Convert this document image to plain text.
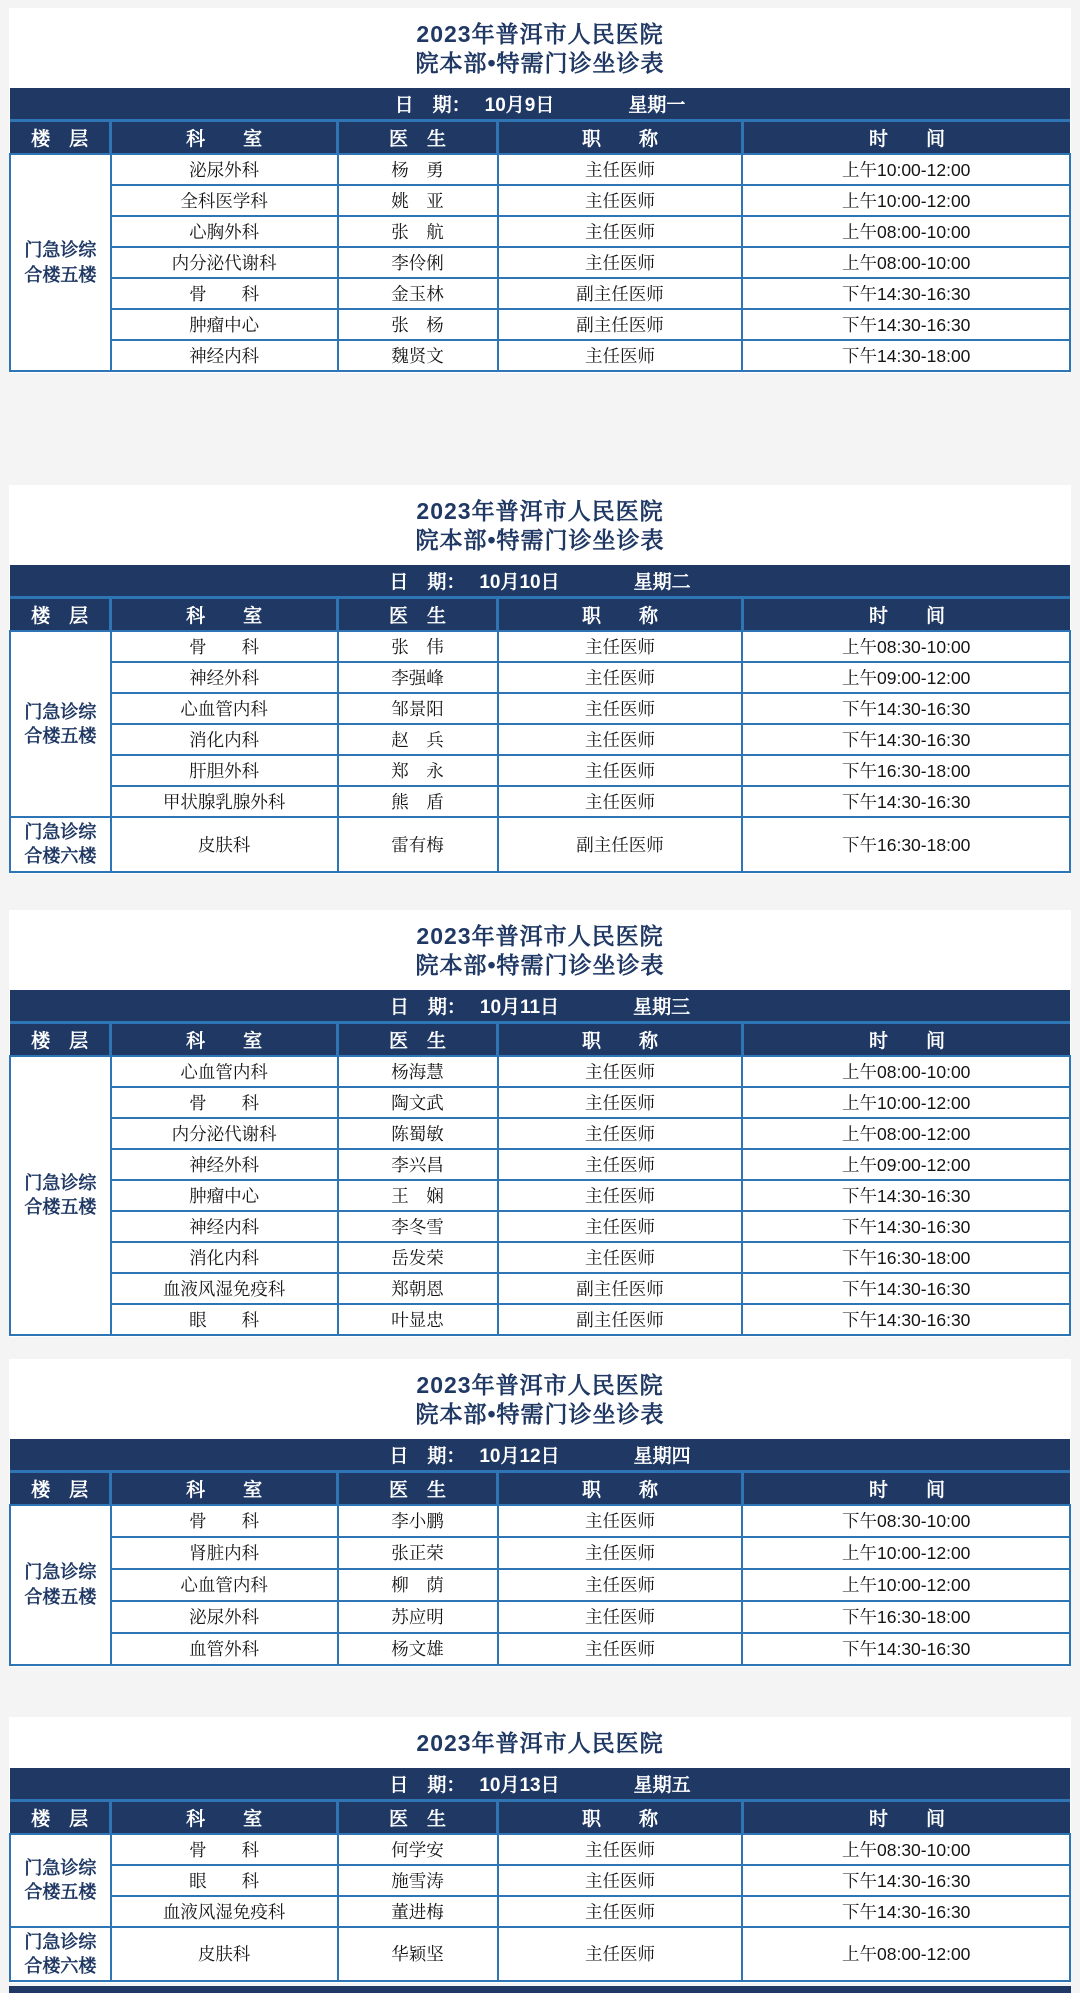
2023年普洱市人民医院
院本部•特需门诊坐诊表
日　期： 10月9日 星期一				
楼　层	科　　室	医　生	职　　称	时　　间
门急诊综合楼五楼	泌尿外科	杨　勇	主任医师	上午10:00-12:00
	全科医学科	姚　亚	主任医师	上午10:00-12:00
	心胸外科	张　航	主任医师	上午08:00-10:00
	内分泌代谢科	李伶俐	主任医师	上午08:00-10:00
	骨　　科	金玉林	副主任医师	下午14:30-16:30
	肿瘤中心	张　杨	副主任医师	下午14:30-16:30
	神经内科	魏贤文	主任医师	下午14:30-18:00
2023年普洱市人民医院
院本部•特需门诊坐诊表
日　期： 10月10日 星期二				
楼　层	科　　室	医　生	职　　称	时　　间
门急诊综合楼五楼	骨　　科	张　伟	主任医师	上午08:30-10:00
	神经外科	李强峰	主任医师	上午09:00-12:00
	心血管内科	邹景阳	主任医师	下午14:30-16:30
	消化内科	赵　兵	主任医师	下午14:30-16:30
	肝胆外科	郑　永	主任医师	下午16:30-18:00
	甲状腺乳腺外科	熊　盾	主任医师	下午14:30-16:30
门急诊综合楼六楼	皮肤科	雷有梅	副主任医师	下午16:30-18:00
2023年普洱市人民医院
院本部•特需门诊坐诊表
日　期： 10月11日 星期三				
楼　层	科　　室	医　生	职　　称	时　　间
门急诊综合楼五楼	心血管内科	杨海慧	主任医师	上午08:00-10:00
	骨　　科	陶文武	主任医师	上午10:00-12:00
	内分泌代谢科	陈蜀敏	主任医师	上午08:00-12:00
	神经外科	李兴昌	主任医师	上午09:00-12:00
	肿瘤中心	王　娴	主任医师	下午14:30-16:30
	神经内科	李冬雪	主任医师	下午14:30-16:30
	消化内科	岳发荣	主任医师	下午16:30-18:00
	血液风湿免疫科	郑朝恩	副主任医师	下午14:30-16:30
	眼　　科	叶显忠	副主任医师	下午14:30-16:30
2023年普洱市人民医院
院本部•特需门诊坐诊表
日　期： 10月12日 星期四				
楼　层	科　　室	医　生	职　　称	时　　间
门急诊综合楼五楼	骨　　科	李小鹏	主任医师	下午08:30-10:00
	肾脏内科	张正荣	主任医师	上午10:00-12:00
	心血管内科	柳　荫	主任医师	上午10:00-12:00
	泌尿外科	苏应明	主任医师	下午16:30-18:00
	血管外科	杨文雄	主任医师	下午14:30-16:30
2023年普洱市人民医院
日　期： 10月13日 星期五				
楼　层	科　　室	医　生	职　　称	时　　间
门急诊综合楼五楼	骨　　科	何学安	主任医师	上午08:30-10:00
	眼　　科	施雪涛	主任医师	下午14:30-16:30
	血液风湿免疫科	董进梅	主任医师	下午14:30-16:30
门急诊综合楼六楼	皮肤科	华颖坚	主任医师	上午08:00-12:00
